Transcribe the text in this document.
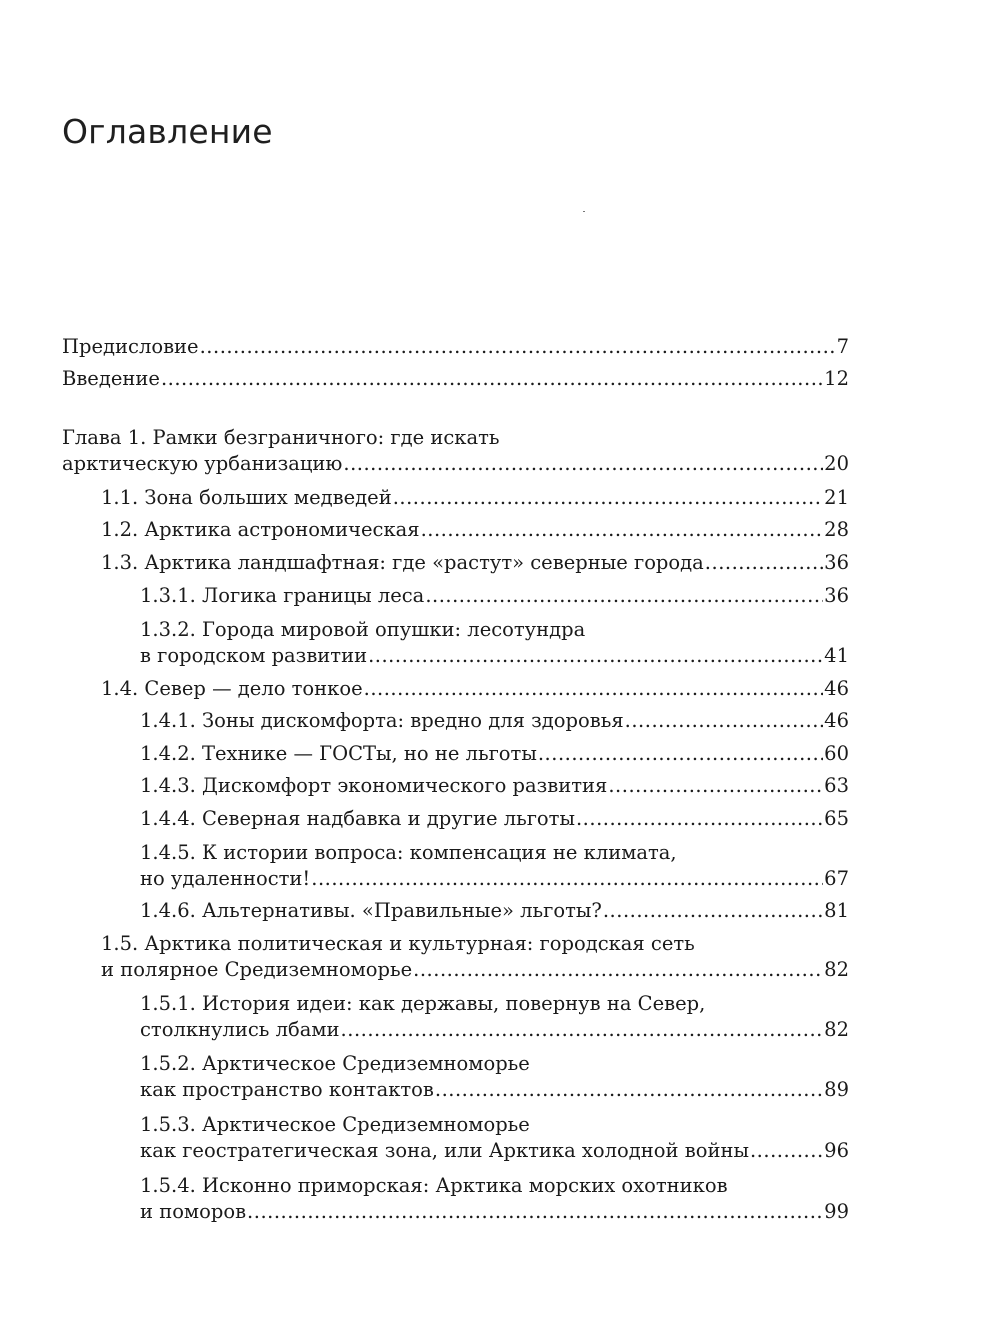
Оглавление
Предисловие .....	7
Введение .....	12
Глава 1. Рамки безграничного: где искать
арктическую урбанизацию .....	20
1.1. Зона больших медведей .....	21
1.2. Арктика астрономическая .....	28
1.3. Арктика ландшафтная: где «растут» северные города .....	36
1.3.1. Логика границы леса .....	36
1.3.2. Города мировой опушки: лесотундра
в городском развитии .....	41
1.4. Север — дело тонкое .....	46
1.4.1. Зоны дискомфорта: вредно для здоровья .....	46
1.4.2. Технике — ГОСТы, но не льготы .....	60
1.4.3. Дискомфорт экономического развития .....	63
1.4.4. Северная надбавка и другие льготы .....	65
1.4.5. К истории вопроса: компенсация не климата,
но удаленности! .....	67
1.4.6. Альтернативы. «Правильные» льготы? .....	81
1.5. Арктика политическая и культурная: городская сеть
и полярное Средиземноморье .....	82
1.5.1. История идеи: как державы, повернув на Север,
столкнулись лбами .....	82
1.5.2. Арктическое Средиземноморье
как пространство контактов .....	89
1.5.3. Арктическое Средиземноморье
как геостратегическая зона, или Арктика холодной войны .....	96
1.5.4. Исконно приморская: Арктика морских охотников
и поморов .....	99
